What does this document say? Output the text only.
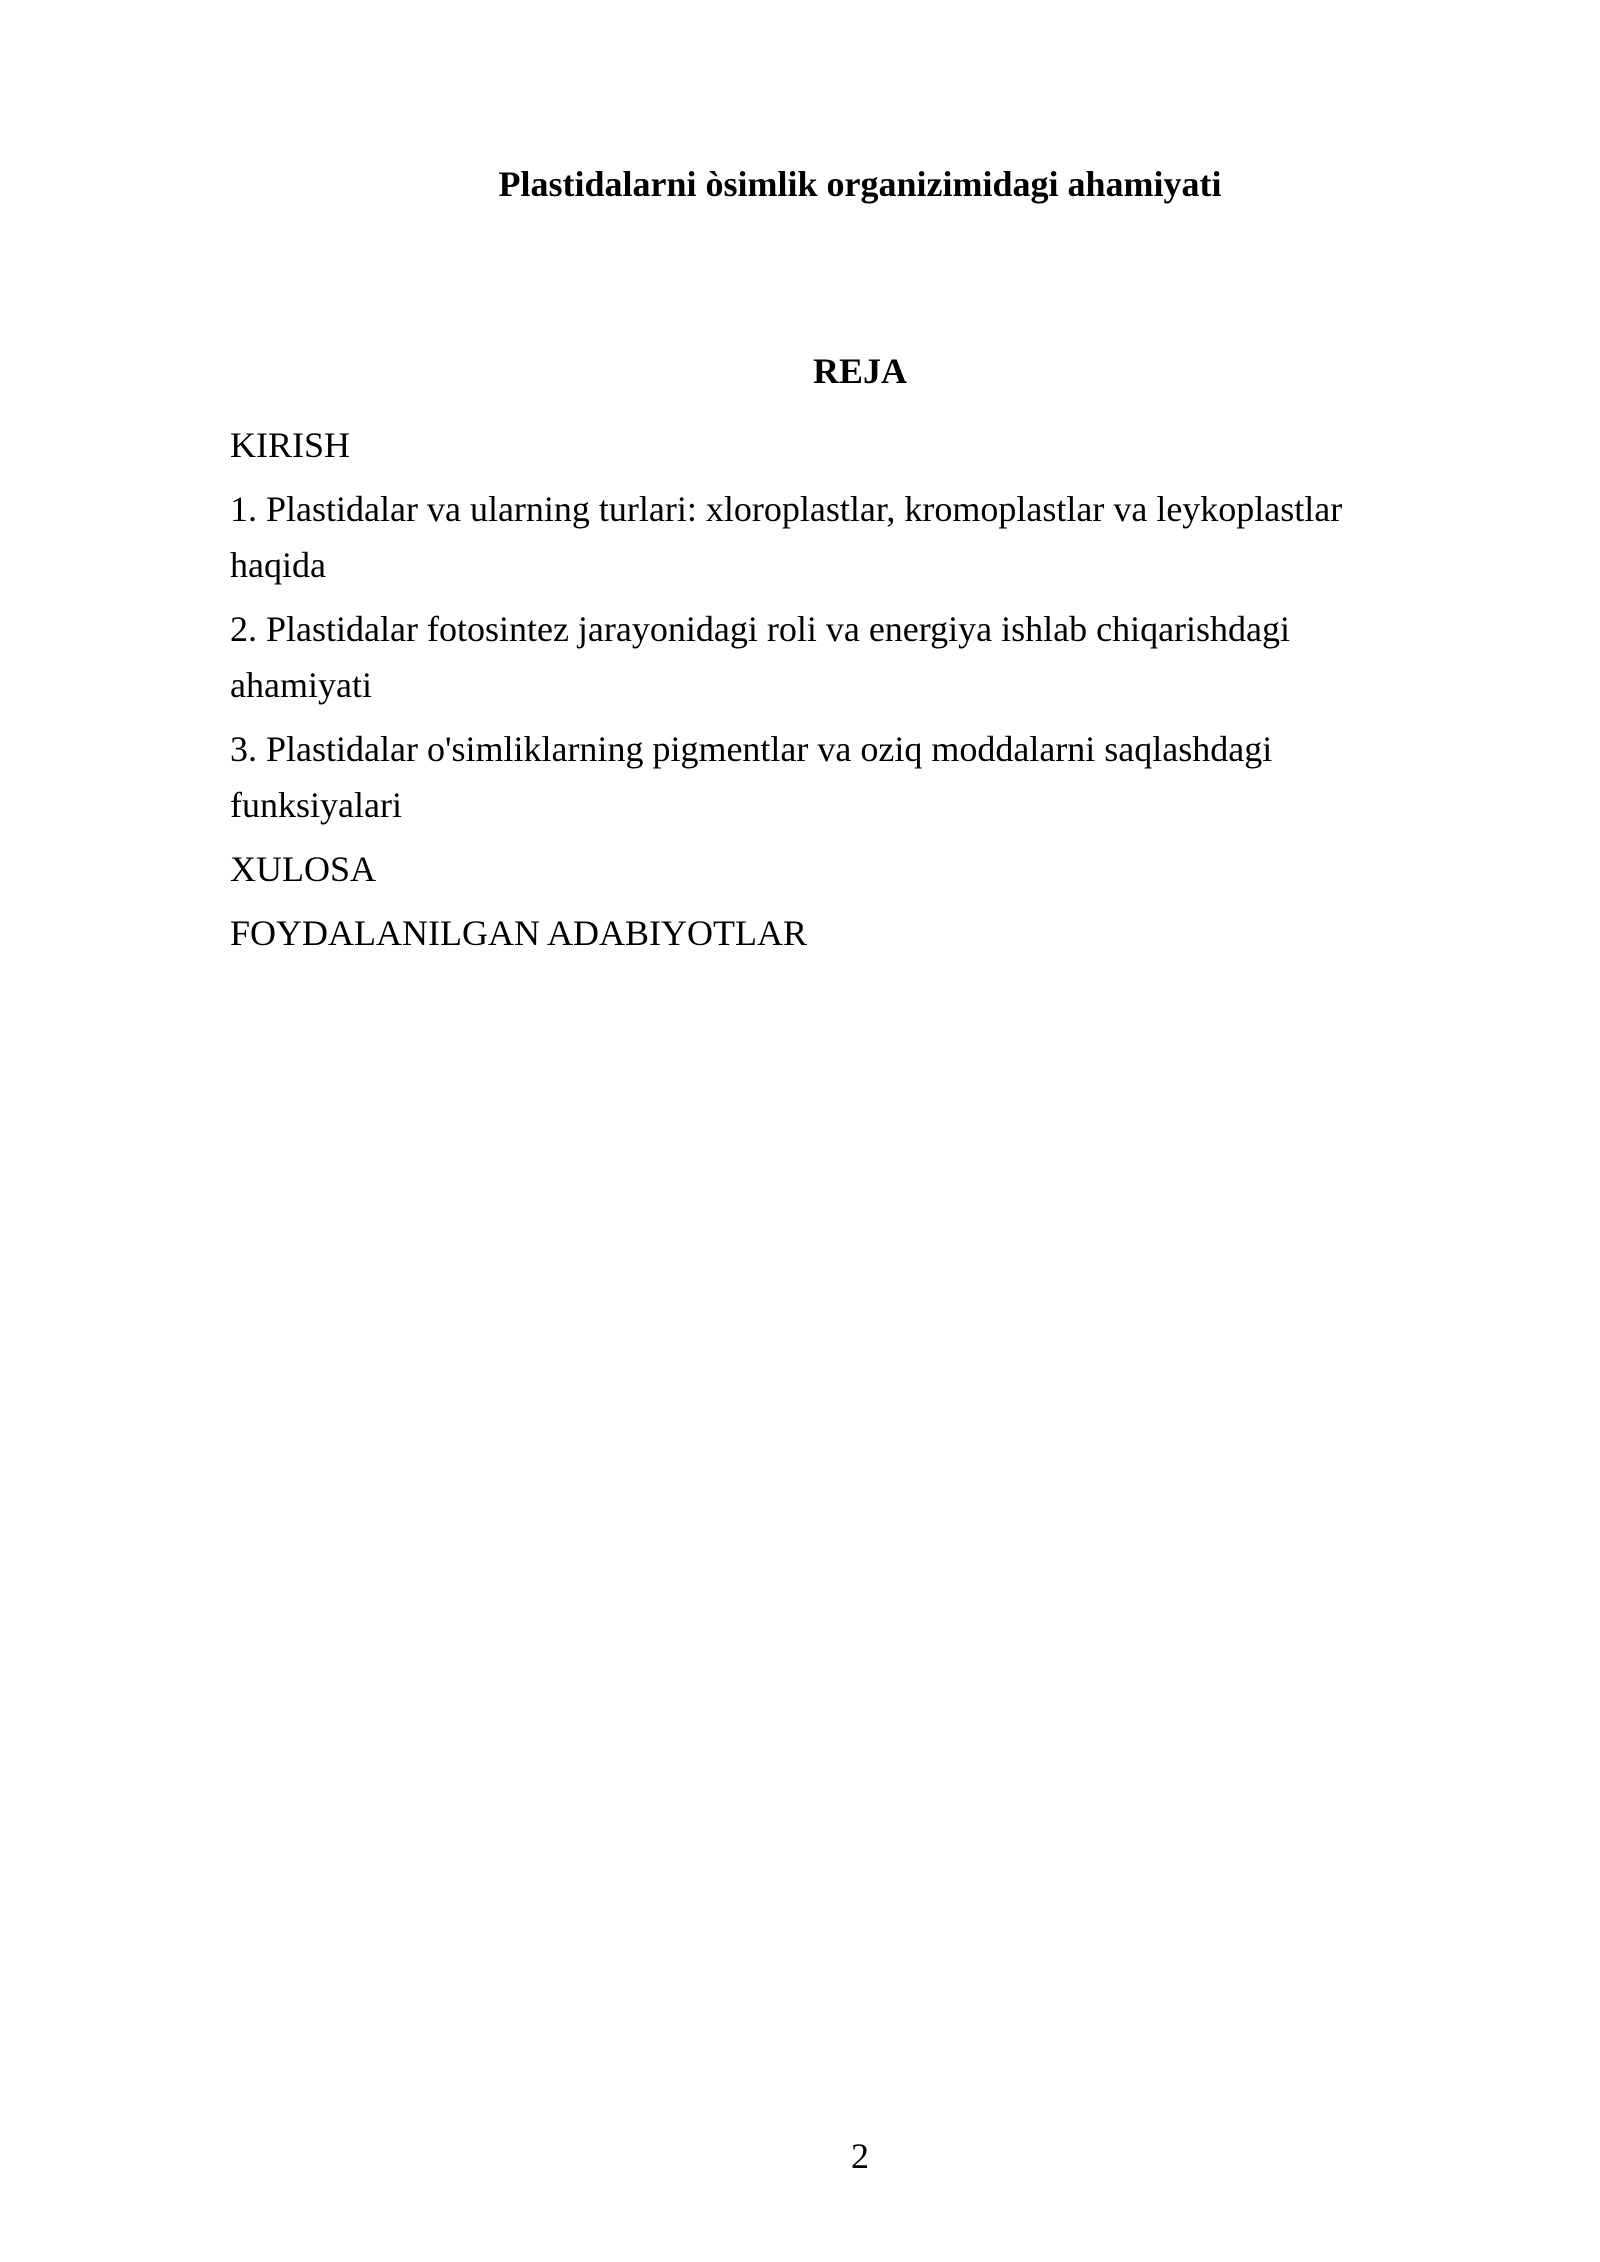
Plastidalarni òsimlik organizimidagi ahamiyati
REJA
KIRISH
1. Plastidalar va ularning turlari: xloroplastlar, kromoplastlar va leykoplastlar haqida
2. Plastidalar fotosintez jarayonidagi roli va energiya ishlab chiqarishdagi ahamiyati
3. Plastidalar o'simliklarning pigmentlar va oziq moddalarni saqlashdagi funksiyalari
XULOSA
FOYDALANILGAN ADABIYOTLAR
2
